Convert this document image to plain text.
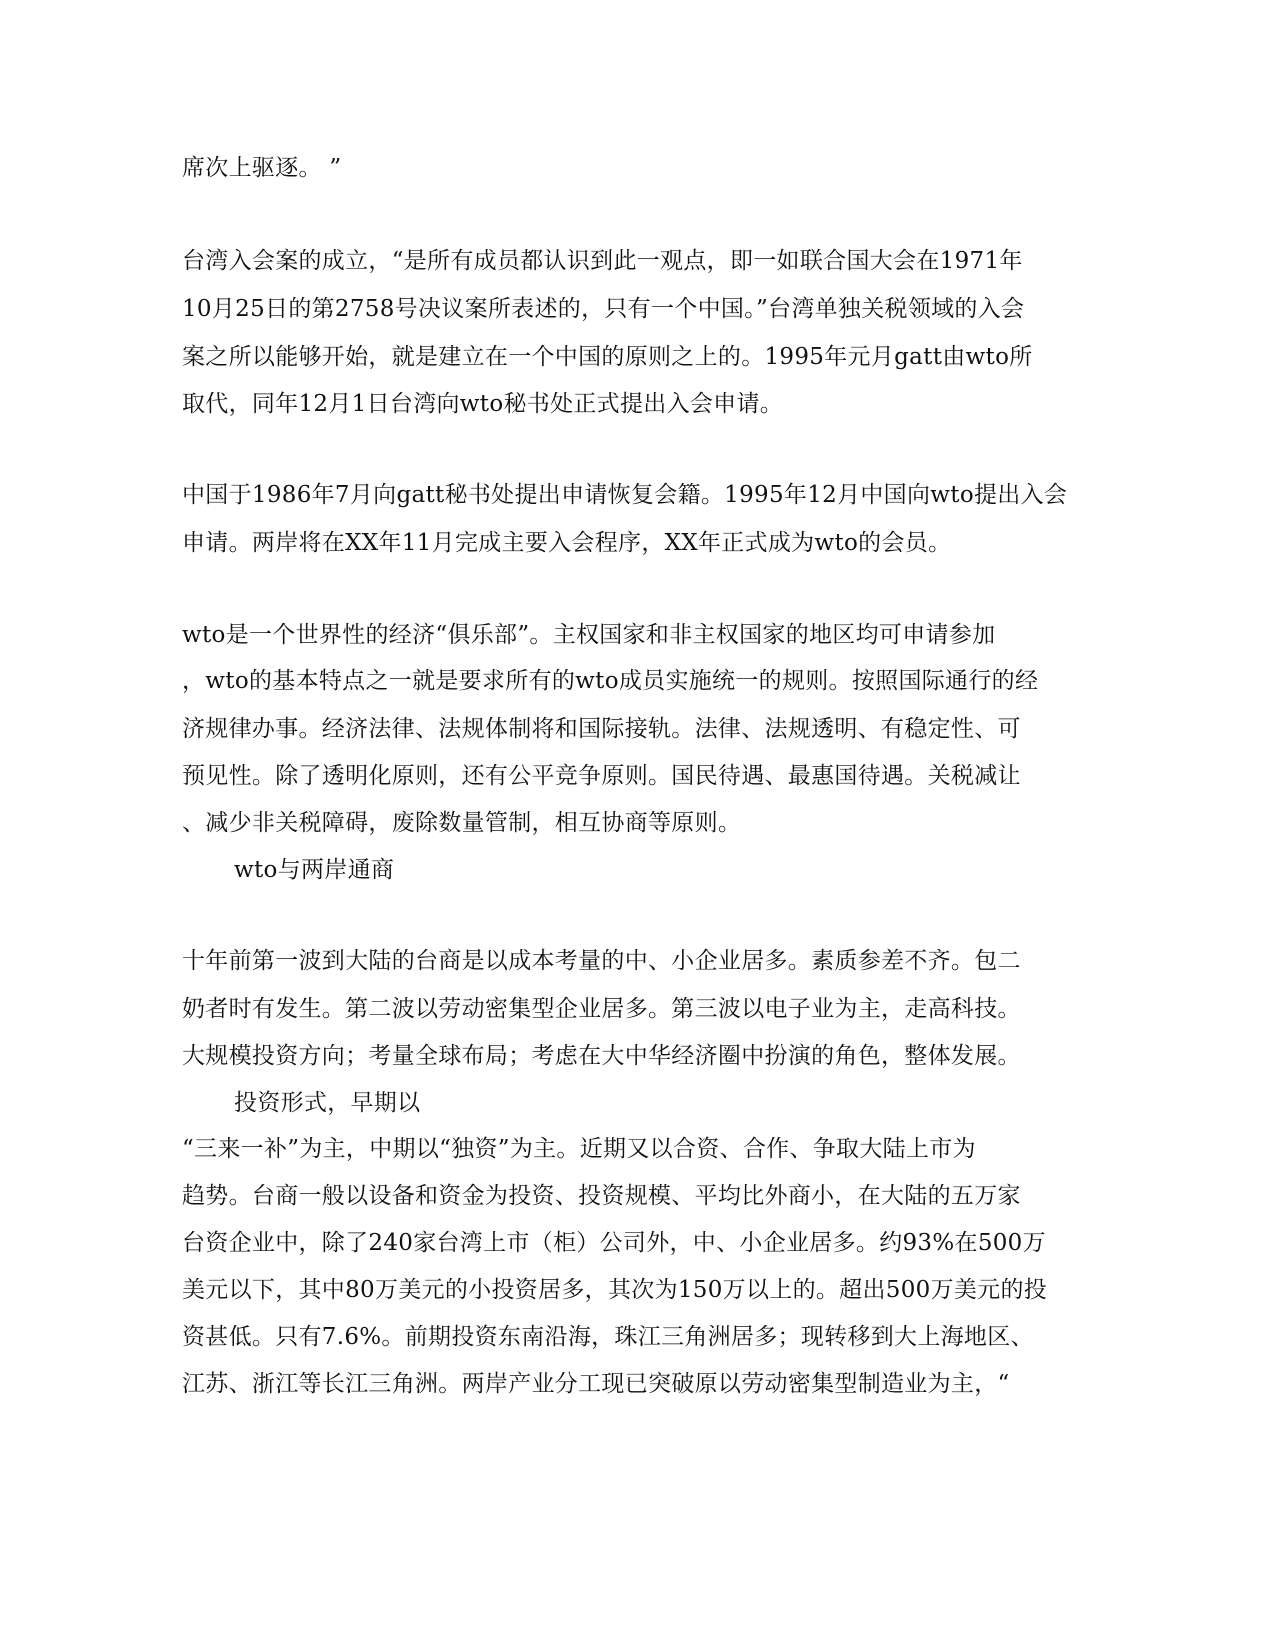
席次上驱逐。 ”
台湾入会案的成立，“是所有成员都认识到此一观点，即一如联合国大会在1971年
10月25日的第2758号决议案所表述的，只有一个中国。”台湾单独关税领域的入会
案之所以能够开始，就是建立在一个中国的原则之上的。1995年元月gatt由wto所
取代，同年12月1日台湾向wto秘书处正式提出入会申请。
中国于1986年7月向gatt秘书处提出申请恢复会籍。1995年12月中国向wto提出入会
申请。两岸将在XX年11月完成主要入会程序，XX年正式成为wto的会员。
wto是一个世界性的经济“俱乐部”。主权国家和非主权国家的地区均可申请参加
，wto的基本特点之一就是要求所有的wto成员实施统一的规则。按照国际通行的经
济规律办事。经济法律、法规体制将和国际接轨。法律、法规透明、有稳定性、可
预见性。除了透明化原则，还有公平竞争原则。国民待遇、最惠国待遇。关税减让
、减少非关税障碍，废除数量管制，相互协商等原则。
wto与两岸通商
十年前第一波到大陆的台商是以成本考量的中、小企业居多。素质参差不齐。包二
奶者时有发生。第二波以劳动密集型企业居多。第三波以电子业为主，走高科技。
大规模投资方向；考量全球布局；考虑在大中华经济圈中扮演的角色，整体发展。
投资形式，早期以
“三来一补”为主，中期以“独资”为主。近期又以合资、合作、争取大陆上市为
趋势。台商一般以设备和资金为投资、投资规模、平均比外商小，在大陆的五万家
台资企业中，除了240家台湾上市（柜）公司外，中、小企业居多。约93%在500万
美元以下，其中80万美元的小投资居多，其次为150万以上的。超出500万美元的投
资甚低。只有7.6%。前期投资东南沿海，珠江三角洲居多；现转移到大上海地区、
江苏、浙江等长江三角洲。两岸产业分工现已突破原以劳动密集型制造业为主，“
